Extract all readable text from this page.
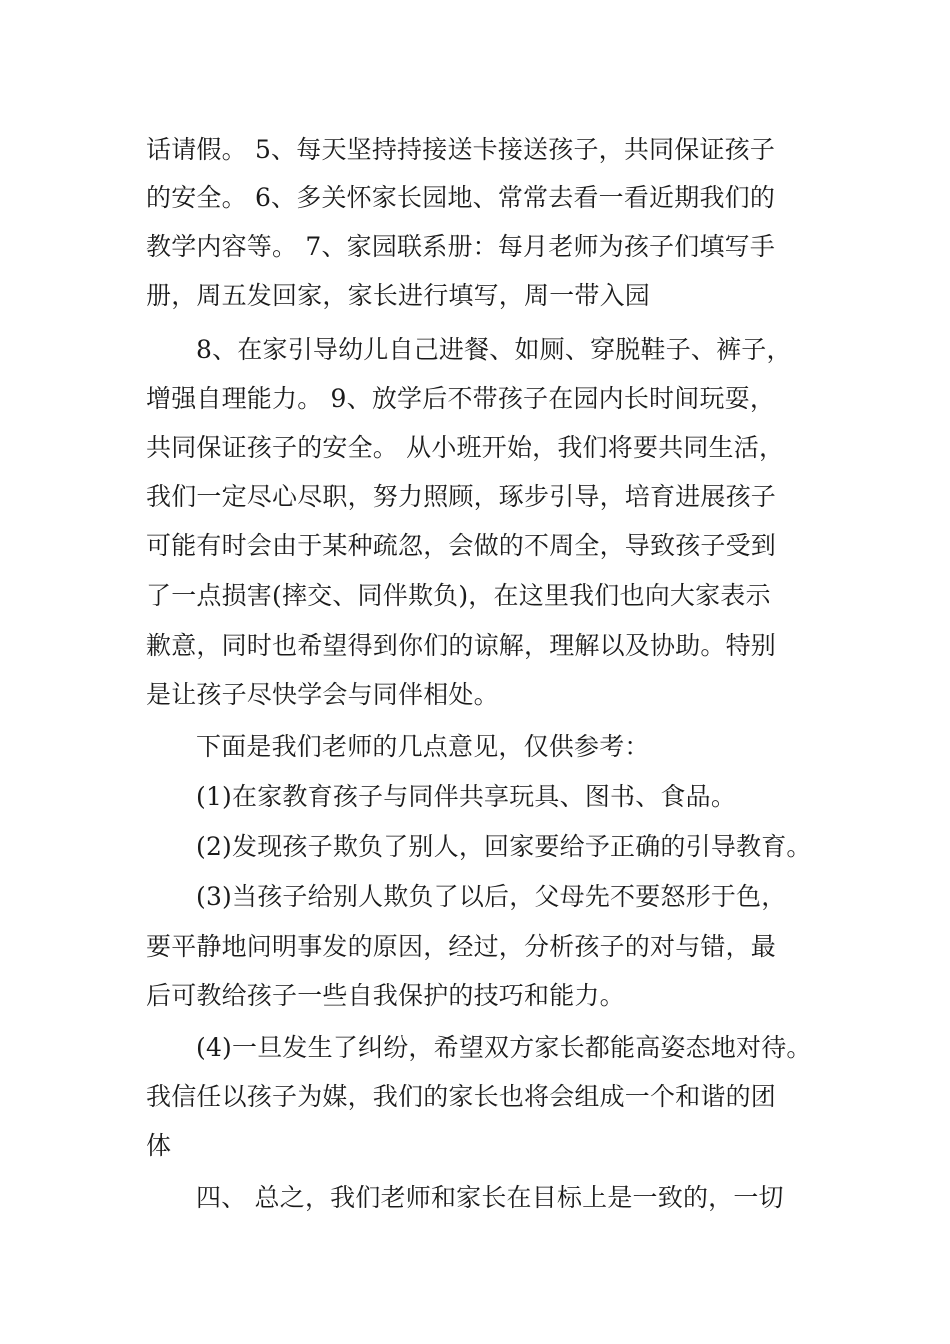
话请假。 5、每天坚持持接送卡接送孩子，共同保证孩子
的安全。 6、多关怀家长园地、常常去看一看近期我们的
教学内容等。 7、家园联系册：每月老师为孩子们填写手
册，周五发回家，家长进行填写，周一带入园
8、在家引导幼儿自己进餐、如厕、穿脱鞋子、裤子，
增强自理能力。 9、放学后不带孩子在园内长时间玩耍，
共同保证孩子的安全。 从小班开始，我们将要共同生活，
我们一定尽心尽职，努力照顾，琢步引导，培育进展孩子
可能有时会由于某种疏忽，会做的不周全，导致孩子受到
了一点损害(摔交、同伴欺负)，在这里我们也向大家表示
歉意，同时也希望得到你们的谅解，理解以及协助。特别
是让孩子尽快学会与同伴相处。
下面是我们老师的几点意见，仅供参考：
(1)在家教育孩子与同伴共享玩具、图书、食品。
(2)发现孩子欺负了别人，回家要给予正确的引导教育。
(3)当孩子给别人欺负了以后，父母先不要怒形于色，
要平静地问明事发的原因，经过，分析孩子的对与错，最
后可教给孩子一些自我保护的技巧和能力。
(4)一旦发生了纠纷，希望双方家长都能高姿态地对待。
我信任以孩子为媒，我们的家长也将会组成一个和谐的团
体
四、 总之，我们老师和家长在目标上是一致的，一切
